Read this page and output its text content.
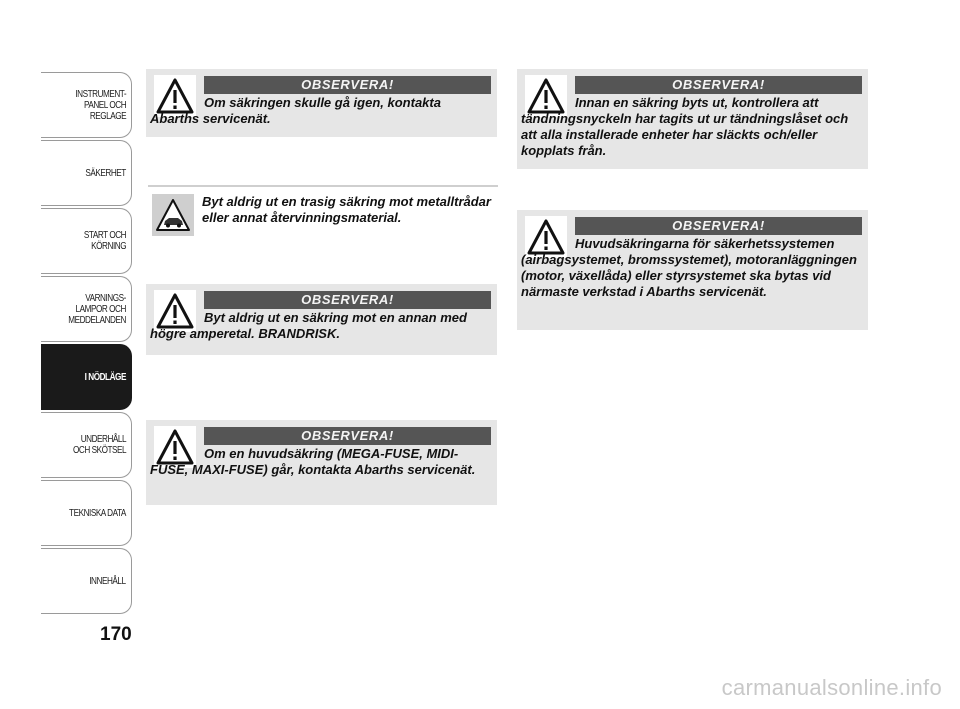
INSTRUMENT-
PANEL OCH
REGLAGE
SÄKERHET
START OCH
KÖRNING
VARNINGS-
LAMPOR OCH
MEDDELANDEN
I NÖDLÄGE
UNDERHÅLL
OCH SKÖTSEL
TEKNISKA DATA
INNEHÅLL
170
OBSERVERA!
Om säkringen skulle gå igen, kontakta Abarths servicenät.
Byt aldrig ut en trasig säkring mot metalltrådar eller annat återvinningsmaterial.
OBSERVERA!
Byt aldrig ut en säkring mot en annan med högre amperetal. BRANDRISK.
OBSERVERA!
Om en huvudsäkring (MEGA-FUSE, MIDI-FUSE, MAXI-FUSE) går, kontakta Abarths servicenät.
OBSERVERA!
Innan en säkring byts ut, kontrollera att tändningsnyckeln har tagits ut ur tändningslåset och att alla installerade enheter har släckts och/eller kopplats från.
OBSERVERA!
Huvudsäkringarna för säkerhetssystemen (airbagsystemet, bromssystemet), motoranläggningen (motor, växellåda) eller styrsystemet ska bytas vid närmaste verkstad i Abarths servicenät.
carmanualsonline.info
